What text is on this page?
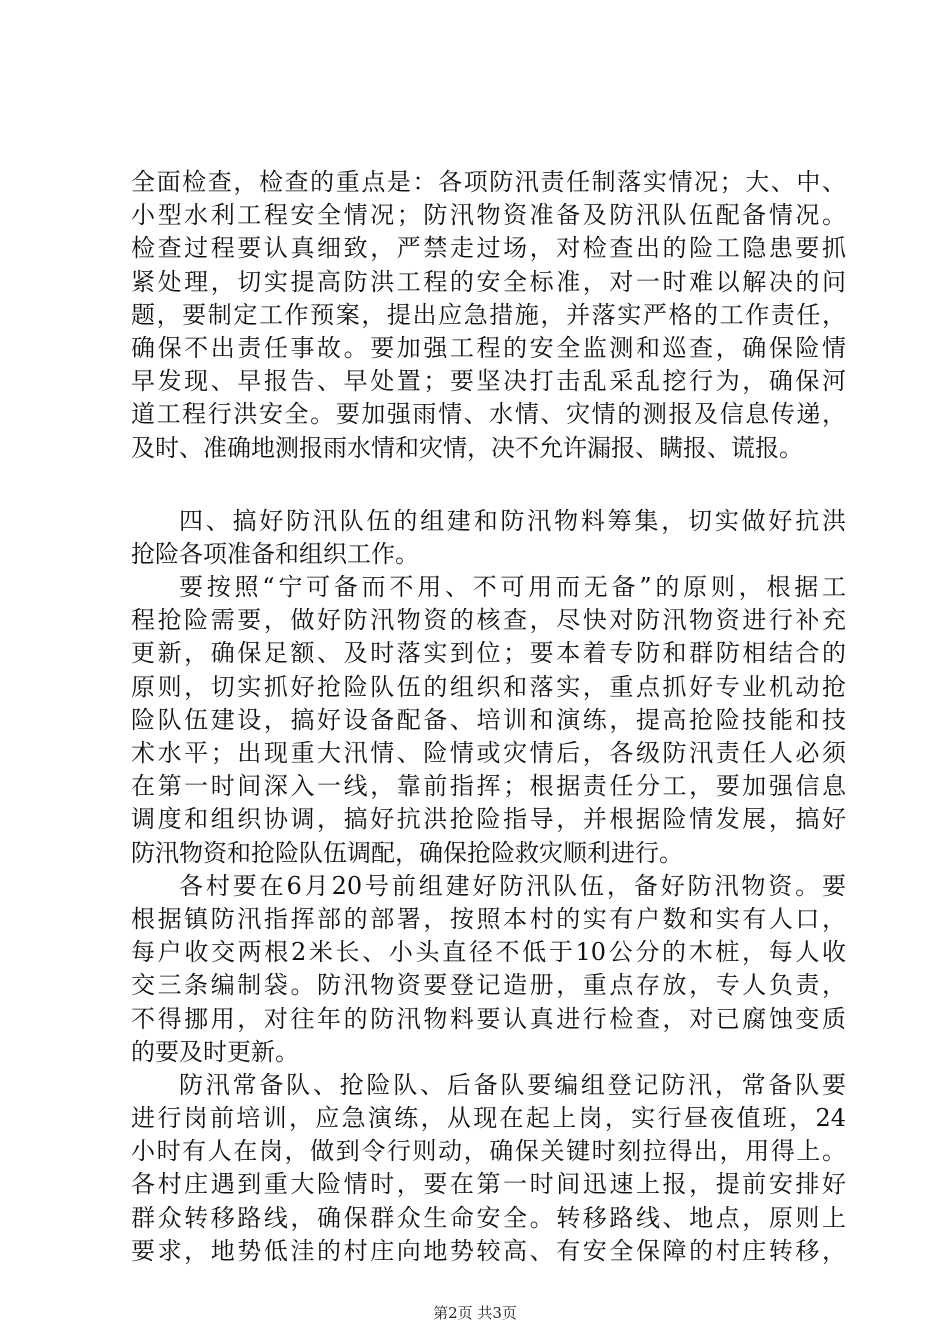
全面检查，检查的重点是：各项防汛责任制落实情况；大、中、
小型水利工程安全情况；防汛物资准备及防汛队伍配备情况。
检查过程要认真细致，严禁走过场，对检查出的险工隐患要抓
紧处理，切实提高防洪工程的安全标准，对一时难以解决的问
题，要制定工作预案，提出应急措施，并落实严格的工作责任，
确保不出责任事故。要加强工程的安全监测和巡查，确保险情
早发现、早报告、早处置；要坚决打击乱采乱挖行为，确保河
道工程行洪安全。要加强雨情、水情、灾情的测报及信息传递，
及时、准确地测报雨水情和灾情，决不允许漏报、瞒报、谎报。
四、搞好防汛队伍的组建和防汛物料筹集，切实做好抗洪
抢险各项准备和组织工作。
要按照“宁可备而不用、不可用而无备”的原则，根据工
程抢险需要，做好防汛物资的核查，尽快对防汛物资进行补充
更新，确保足额、及时落实到位；要本着专防和群防相结合的
原则，切实抓好抢险队伍的组织和落实，重点抓好专业机动抢
险队伍建设，搞好设备配备、培训和演练，提高抢险技能和技
术水平；出现重大汛情、险情或灾情后，各级防汛责任人必须
在第一时间深入一线，靠前指挥；根据责任分工，要加强信息
调度和组织协调，搞好抗洪抢险指导，并根据险情发展，搞好
防汛物资和抢险队伍调配，确保抢险救灾顺利进行。
各村要在6月20号前组建好防汛队伍，备好防汛物资。要
根据镇防汛指挥部的部署，按照本村的实有户数和实有人口，
每户收交两根2米长、小头直径不低于10公分的木桩，每人收
交三条编制袋。防汛物资要登记造册，重点存放，专人负责，
不得挪用，对往年的防汛物料要认真进行检查，对已腐蚀变质
的要及时更新。
防汛常备队、抢险队、后备队要编组登记防汛，常备队要
进行岗前培训，应急演练，从现在起上岗，实行昼夜值班，24
小时有人在岗，做到令行则动，确保关键时刻拉得出，用得上。
各村庄遇到重大险情时，要在第一时间迅速上报，提前安排好
群众转移路线，确保群众生命安全。转移路线、地点，原则上
要求，地势低洼的村庄向地势较高、有安全保障的村庄转移，
第2页 共3页
